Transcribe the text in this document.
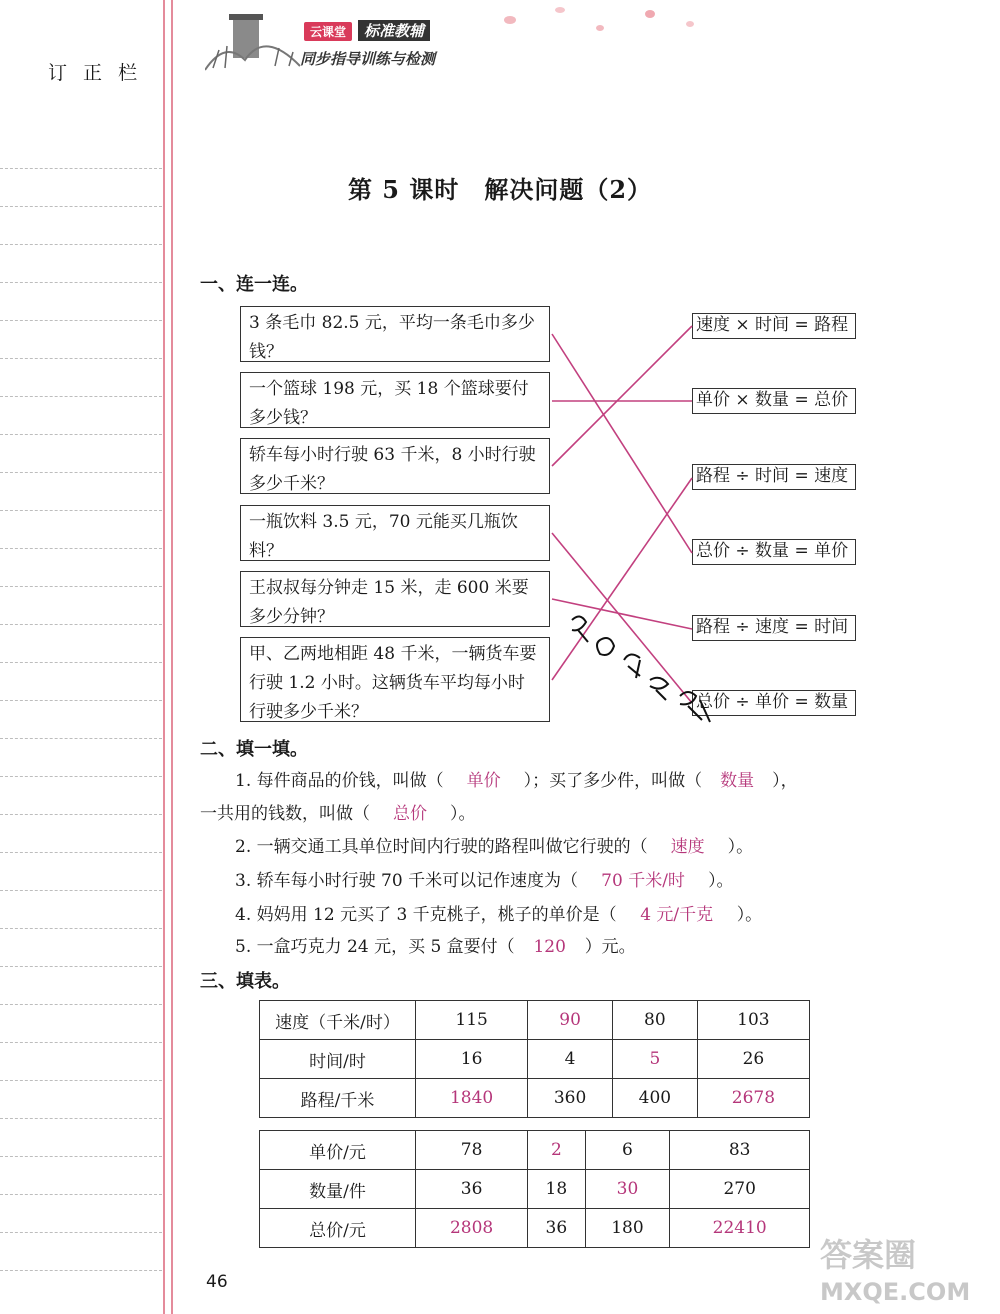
订 正 栏
云课堂	标准教辅
同步指导训练与检测
第 5 课时　解决问题（2）
一、连一连。
3 条毛巾 82.5 元，平均一条毛巾多少钱？
一个篮球 198 元，买 18 个篮球要付多少钱？
轿车每小时行驶 63 千米，8 小时行驶多少千米？
一瓶饮料 3.5 元，70 元能买几瓶饮料？
王叔叔每分钟走 15 米，走 600 米要多少分钟？
甲、乙两地相距 48 千米，一辆货车要行驶 1.2 小时。这辆货车平均每小时行驶多少千米？
速度 × 时间 = 路程
单价 × 数量 = 总价
路程 ÷ 时间 = 速度
总价 ÷ 数量 = 单价
路程 ÷ 速度 = 时间
总价 ÷ 单价 = 数量
二、填一填。
1. 每件商品的价钱，叫做（ 单价 ）；买了多少件，叫做（ 数量 ），
一共用的钱数，叫做（ 总价 ）。
2. 一辆交通工具单位时间内行驶的路程叫做它行驶的（ 速度 ）。
3. 轿车每小时行驶 70 千米可以记作速度为（ 70 千米/时 ）。
4. 妈妈用 12 元买了 3 千克桃子，桃子的单价是（ 4 元/千克 ）。
5. 一盒巧克力 24 元，买 5 盒要付（ 120 ）元。
三、填表。
速度（千米/时）	115	90	80	103
时间/时	16	4	5	26
路程/千米	1840	360	400	2678
单价/元	78	2	6	83
数量/件	36	18	30	270
总价/元	2808	36	180	22410
46
答案圈
MXQE.COM
